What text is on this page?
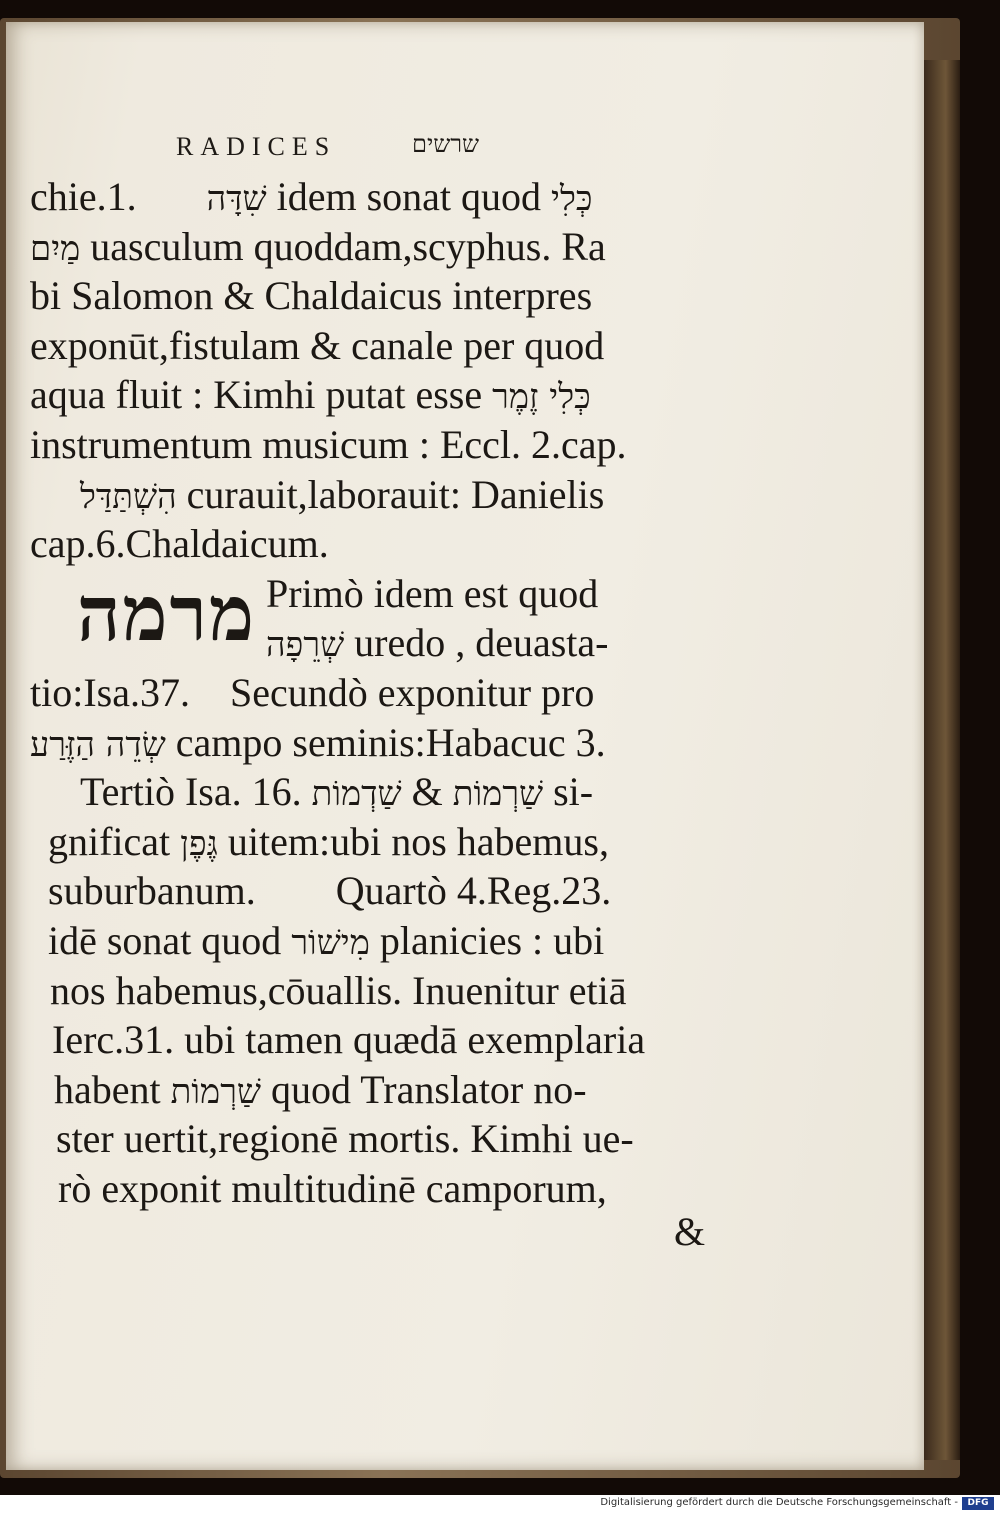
RADICES	שרשים
מרמה
chie.1. שִׁדָּה idem sonat quod כְּלִי
מַיִם uasculum quoddam,scyphus. Ra
bi Salomon & Chaldaicus interpres
exponūt,fistulam & canale per quod
aqua fluit : Kimhi putat esse כְּלִי זֶמֶר
instrumentum musicum : Eccl. 2.cap.
הִשְׁתַּדַּל curauit,laborauit: Danielis
cap.6.Chaldaicum.
Primò idem est quod
שְׁרֵפָה uredo , deuasta-
tio:Isa.37.    Secundò exponitur pro
שְׂדֵה הַזֶּרַע campo seminis:Habacuc 3.
Tertiò Isa. 16. שַׁדְמוֹת & שַׁרְמוֹת si-
gnificat גֶּפֶן uitem:ubi nos habemus,
suburbanum.        Quartò 4.Reg.23.
idē sonat quod מִישׁוֹר planicies : ubi
nos habemus,cōuallis. Inuenitur etiā
Ierc.31. ubi tamen quædā exemplaria
habent שַׁרְמוֹת quod Translator no-
ster uertit,regionē mortis. Kimhi ue-
rò exponit multitudinē camporum,
&
Digitalisierung gefördert durch die Deutsche Forschungsgemeinschaft -	DFG
